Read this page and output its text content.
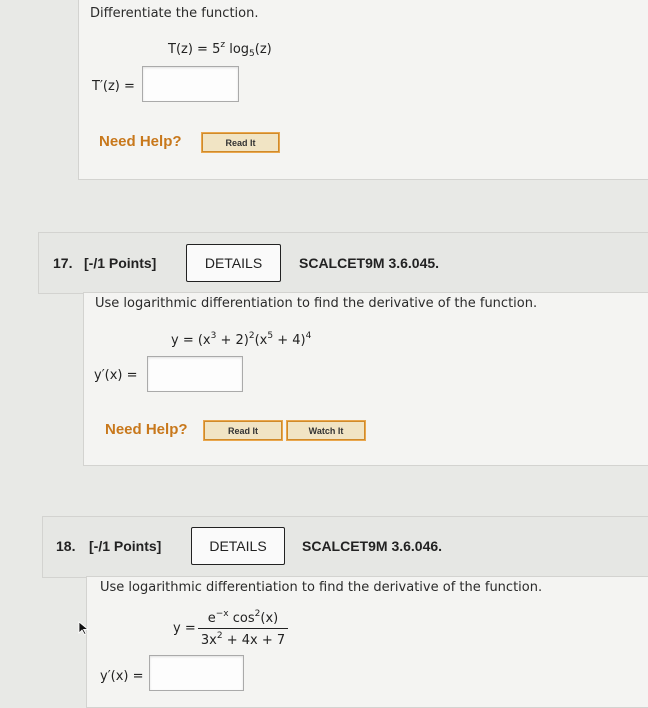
Differentiate the function.
$T(z) = 5^z$ $\log_5(z)$
T′(z) =
Need Help?	Read It
17. [-/1 Points]	DETAILS	SCALCET9M 3.6.045.
Use logarithmic differentiation to find the derivative of the function.
$y = (x^3 + 2)^2(x^5 + 4)^4$
y′(x) =
Need Help?	Read It	Watch It
18. [-/1 Points]	DETAILS	SCALCET9M 3.6.046.
Use logarithmic differentiation to find the derivative of the function.
y =
$e^{-x}$ $\cos^2(x)$
$3x^2 + 4x + 7$
y′(x) =
